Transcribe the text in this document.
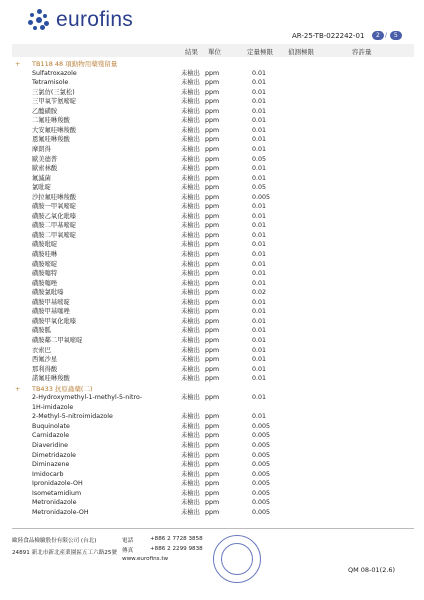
eurofins
AR-25-TB-022242-01	2 /	5
結果 單位	定量極限 偵測極限	容許量
+ TB118 48 項動物用藥殘留量
Sulfatroxazole	未檢出 ppm	0.01
Tetramisole	未檢出 ppm	0.01
三氯仿(三氯松)	未檢出 ppm	0.01
三甲氧苄氨嘧啶	未檢出 ppm	0.01
乙醯磺胺	未檢出 ppm	0.01
二氟哇啉羧酸	未檢出 ppm	0.01
大安氟哇啉羧酸	未檢出 ppm	0.01
恩氟哇啉羧酸	未檢出 ppm	0.01
摩朗得	未檢出 ppm	0.01
歐美德普	未檢出 ppm	0.05
歐索林酸	未檢出 ppm	0.01
氟滅菌	未檢出 ppm	0.01
氯吡啶	未檢出 ppm	0.05
沙拉氟哇啉羧酸	未檢出 ppm	0.005
磺胺一甲氧嘧啶	未檢出 ppm	0.01
磺胺乙氧化吡嗪	未檢出 ppm	0.01
磺胺二甲基嘧啶	未檢出 ppm	0.01
磺胺二甲氧嘧啶	未檢出 ppm	0.01
磺胺吡啶	未檢出 ppm	0.01
磺胺哇啉	未檢出 ppm	0.01
磺胺嘧啶	未檢出 ppm	0.01
磺胺噻特	未檢出 ppm	0.01
磺胺噻唑	未檢出 ppm	0.01
磺胺氯吡嗪	未檢出 ppm	0.02
磺胺甲基嘧啶	未檢出 ppm	0.01
磺胺甲基噻唑	未檢出 ppm	0.01
磺胺甲氧化吡嗪	未檢出 ppm	0.01
磺胺胍	未檢出 ppm	0.01
磺胺鄰二甲氧嘧啶	未檢出 ppm	0.01
衣索巴	未檢出 ppm	0.01
西氟沙星	未檢出 ppm	0.01
那利得酸	未檢出 ppm	0.01
諾氟哇啉羧酸	未檢出 ppm	0.01
+ TB433 抗原蟲藥(二)
2-Hydroxymethyl-1-methyl-5-nitro-	未檢出 ppm	0.01
1H-imidazole
2-Methyl-5-nitroimidazole	未檢出 ppm	0.01
Buquinolate	未檢出 ppm	0.005
Carnidazole	未檢出 ppm	0.005
Diaveridine	未檢出 ppm	0.005
Dimetridazole	未檢出 ppm	0.005
Diminazene	未檢出 ppm	0.005
Imidocarb	未檢出 ppm	0.005
Ipronidazole-OH	未檢出 ppm	0.005
Isometamidium	未檢出 ppm	0.005
Metronidazole	未檢出 ppm	0.005
Metronidazole-OH	未檢出 ppm	0.005
歐陸食品檢驗股份有限公司 (台北)
24891 新北市新北產業園區五工六路25號
電話	+886 2 7728 3858
傳真	+886 2 2299 9838
www.eurofins.tw
QM 08-01(2.6)
